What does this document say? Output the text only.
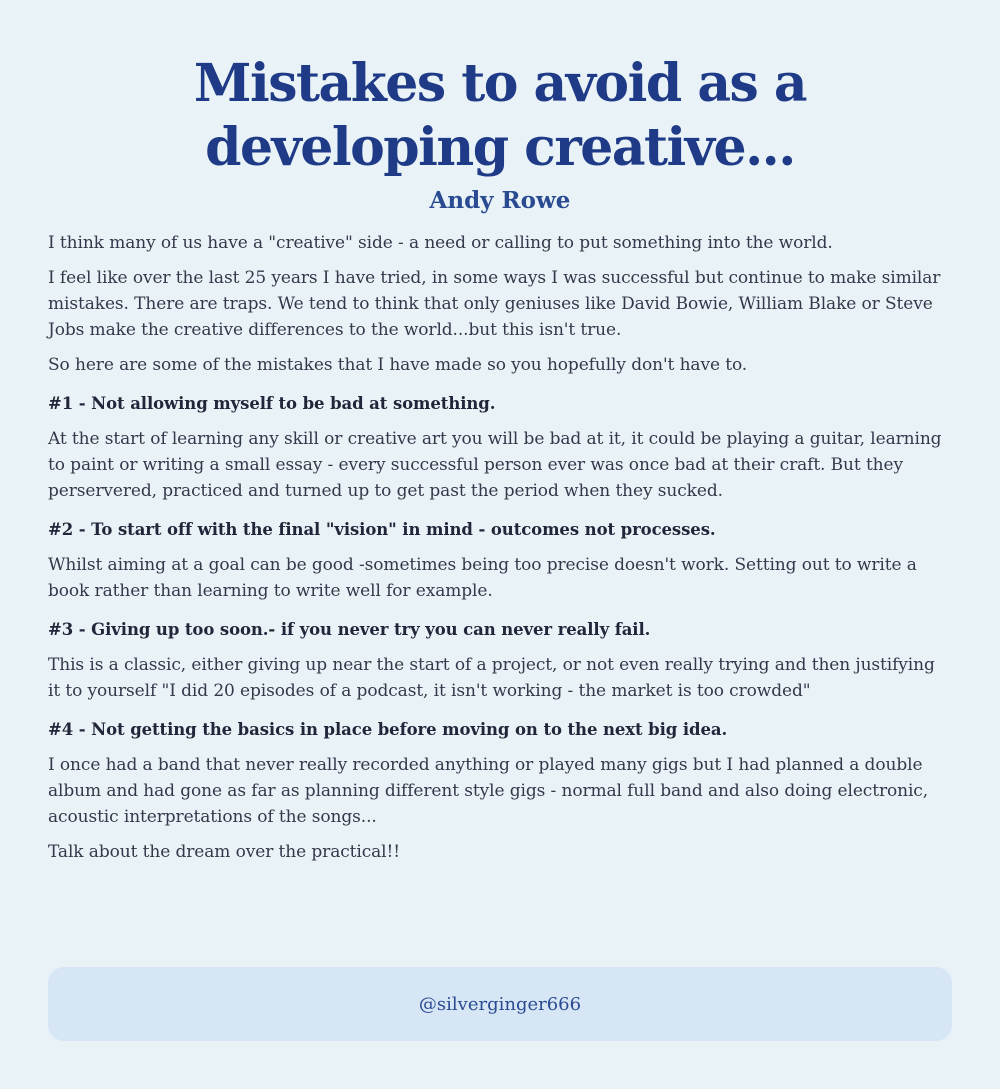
Mistakes to avoid as a developing creative...
Andy Rowe

I think many of us have a "creative" side - a need or calling to put something into the world.

I feel like over the last 25 years I have tried, in some ways I was successful but continue to make similar mistakes. There are traps. We tend to think that only geniuses like David Bowie, William Blake or Steve Jobs make the creative differences to the world...but this isn't true.

So here are some of the mistakes that I have made so you hopefully don't have to.

#1 - Not allowing myself to be bad at something.

At the start of learning any skill or creative art you will be bad at it, it could be playing a guitar, learning to paint or writing a small essay - every successful person ever was once bad at their craft. But they perservered, practiced and turned up to get past the period when they sucked.

#2 - To start off with the final "vision" in mind - outcomes not processes.

Whilst aiming at a goal can be good -sometimes being too precise doesn't work. Setting out to write a book rather than learning to write well for example.

#3 - Giving up too soon.- if you never try you can never really fail.

This is a classic, either giving up near the start of a project, or not even really trying and then justifying it to yourself "I did 20 episodes of a podcast, it isn't working - the market is too crowded"

#4 - Not getting the basics in place before moving on to the next big idea.

I once had a band that never really recorded anything or played many gigs but I had planned a double album and had gone as far as planning different style gigs - normal full band and also doing electronic, acoustic interpretations of the songs...

Talk about the dream over the practical!!

@silverginger666
